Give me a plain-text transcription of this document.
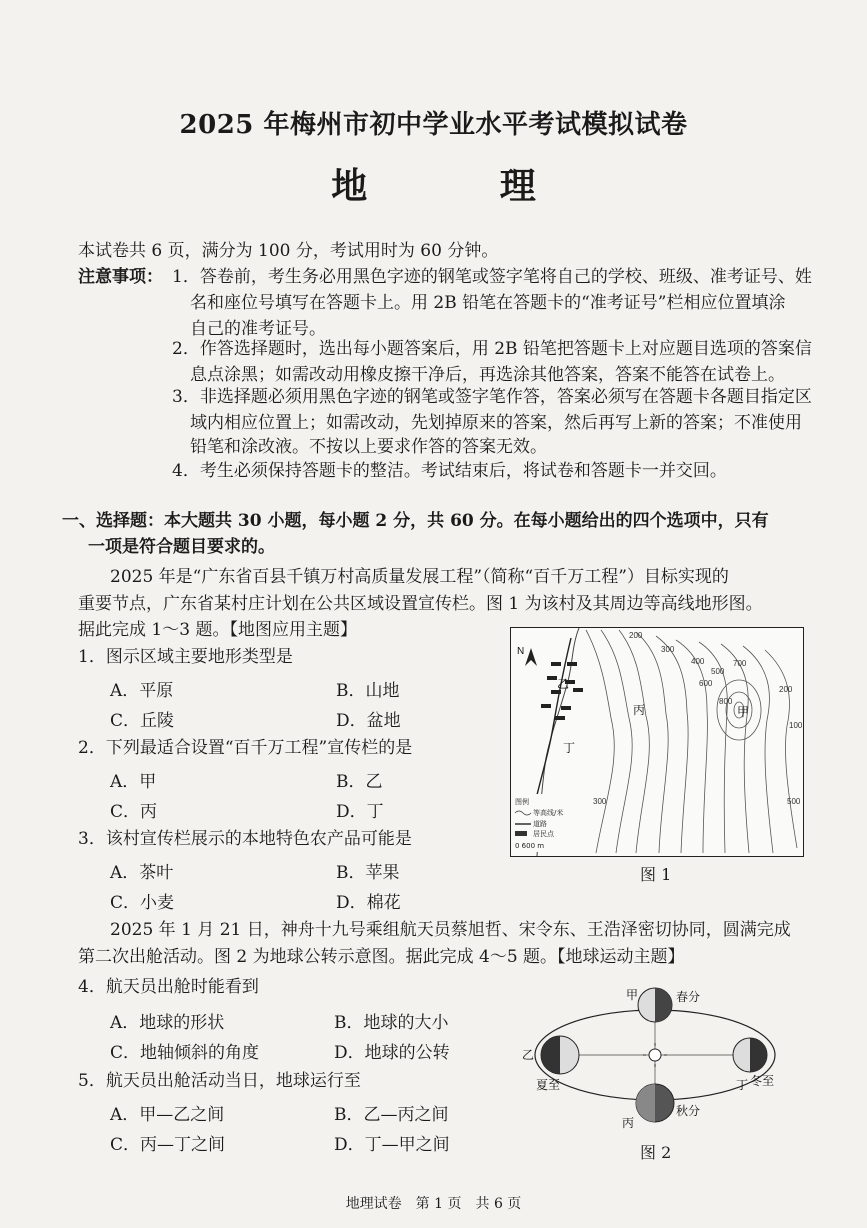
2025 年梅州市初中学业水平考试模拟试卷
地 理
本试卷共 6 页，满分为 100 分，考试用时为 60 分钟。
注意事项： 1．答卷前，考生务必用黑色字迹的钢笔或签字笔将自己的学校、班级、准考证号、姓
名和座位号填写在答题卡上。用 2B 铅笔在答题卡的“准考证号”栏相应位置填涂
自己的准考证号。
2．作答选择题时，选出每小题答案后，用 2B 铅笔把答题卡上对应题目选项的答案信
息点涂黑；如需改动用橡皮擦干净后，再选涂其他答案，答案不能答在试卷上。
3．非选择题必须用黑色字迹的钢笔或签字笔作答，答案必须写在答题卡各题目指定区
域内相应位置上；如需改动，先划掉原来的答案，然后再写上新的答案；不准使用
铅笔和涂改液。不按以上要求作答的答案无效。
4．考生必须保持答题卡的整洁。考试结束后，将试卷和答题卡一并交回。
一、选择题：本大题共 30 小题，每小题 2 分，共 60 分。在每小题给出的四个选项中，只有
一项是符合题目要求的。
2025 年是“广东省百县千镇万村高质量发展工程”（简称“百千万工程”）目标实现的
重要节点，广东省某村庄计划在公共区域设置宣传栏。图 1 为该村及其周边等高线地形图。
据此完成 1～3 题。【地图应用主题】
1．图示区域主要地形类型是
A．平原	B．山地
C．丘陵	D．盆地
2．下列最适合设置“百千万工程”宣传栏的是
A．甲	B．乙
C．丙	D．丁
3．该村宣传栏展示的本地特色农产品可能是
A．茶叶	B．苹果
C．小麦	D．棉花
200
300
400
500
600
700
800
100
200
500
300
N
甲
乙
丙
丁
图例
等高线/米
道路
居民点
0 600 m
图 1
2025 年 1 月 21 日，神舟十九号乘组航天员蔡旭哲、宋令东、王浩泽密切协同，圆满完成
第二次出舱活动。图 2 为地球公转示意图。据此完成 4～5 题。【地球运动主题】
4．航天员出舱时能看到
A．地球的形状	B．地球的大小
C．地轴倾斜的角度	D．地球的公转
5．航天员出舱活动当日，地球运行至
A．甲—乙之间	B．乙—丙之间
C．丙—丁之间	D．丁—甲之间
甲	春分
乙
夏至	丁 冬至
丙
秋分
图 2
地理试卷　第 1 页　共 6 页
